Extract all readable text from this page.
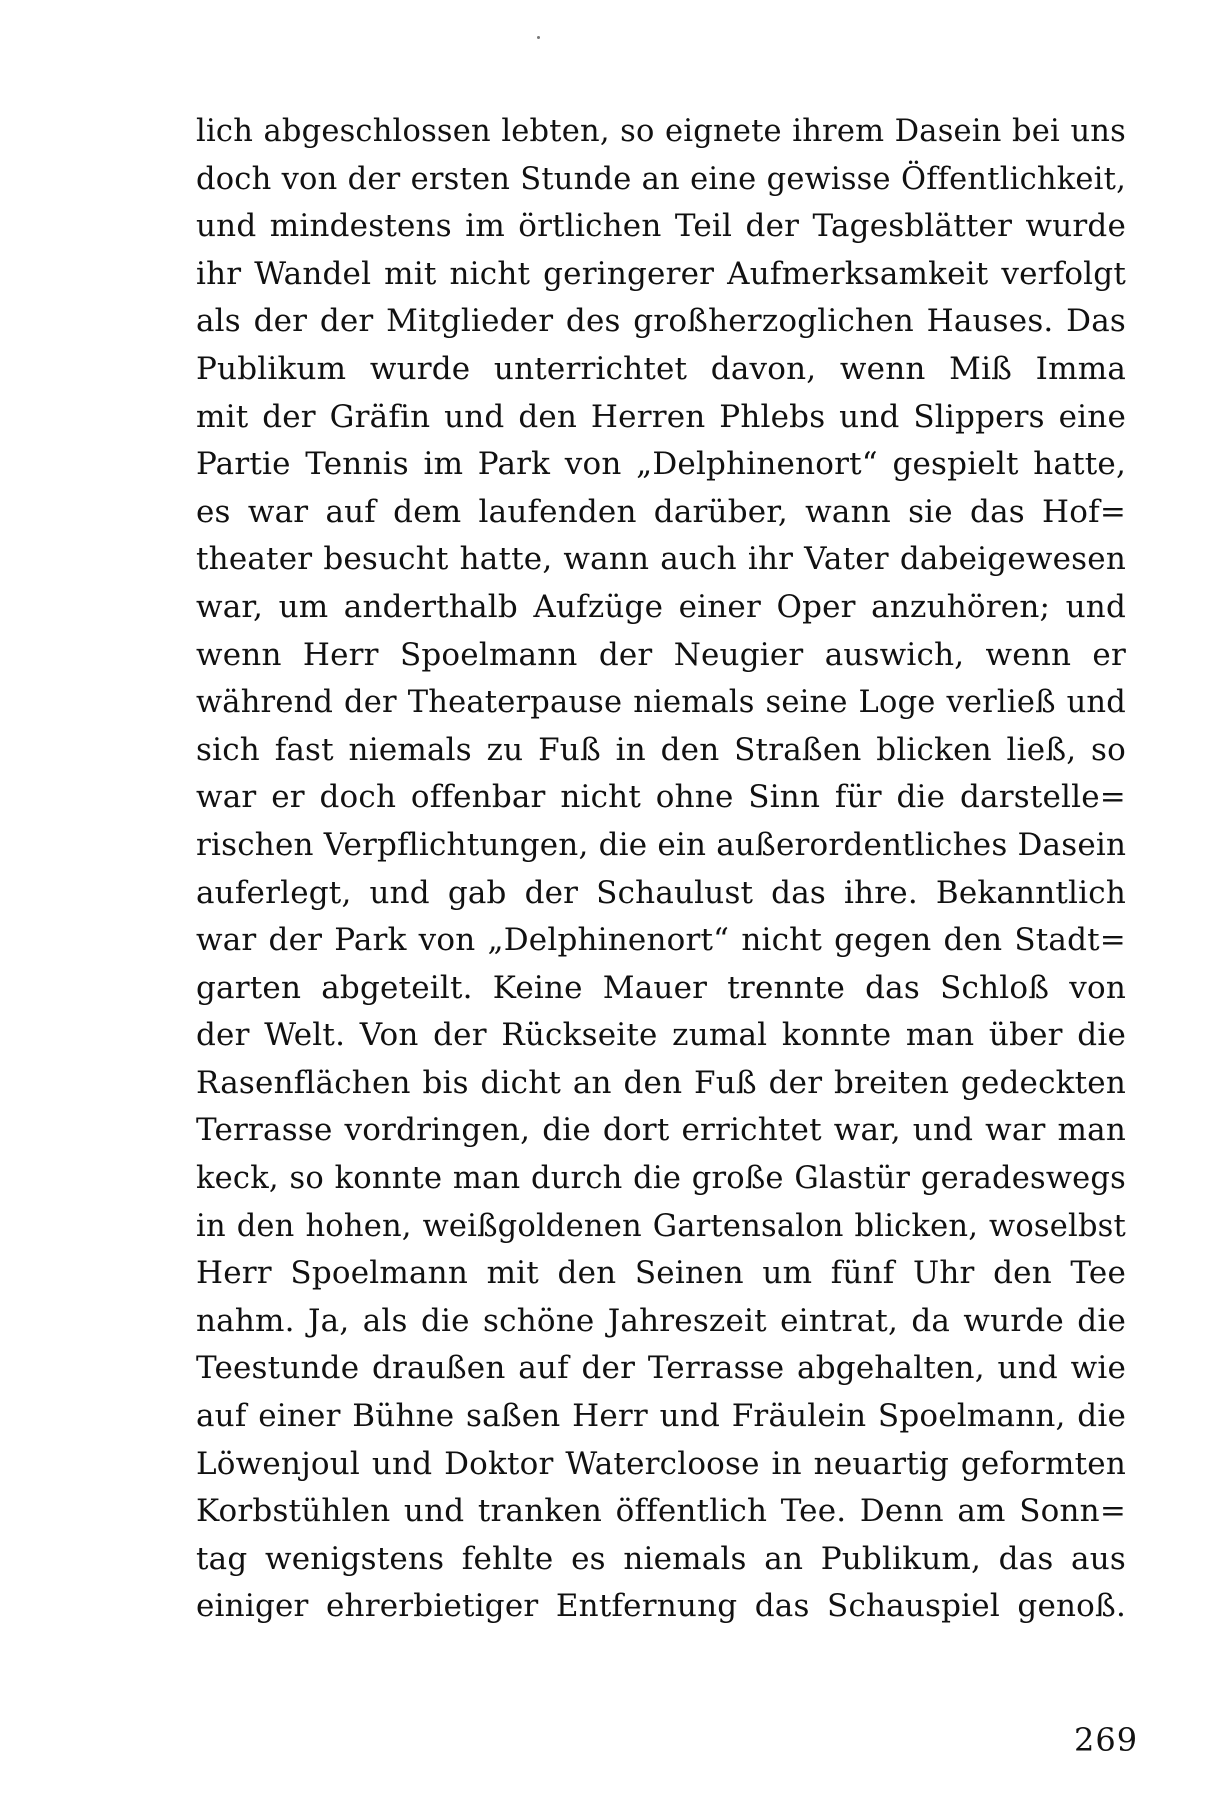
lich abgeschlossen lebten, so eignete ihrem Dasein bei uns
doch von der ersten Stunde an eine gewisse Öffentlichkeit,
und mindestens im örtlichen Teil der Tagesblätter wurde
ihr Wandel mit nicht geringerer Aufmerksamkeit verfolgt
als der der Mitglieder des großherzoglichen Hauses. Das
Publikum wurde unterrichtet davon, wenn Miß Imma
mit der Gräfin und den Herren Phlebs und Slippers eine
Partie Tennis im Park von „Delphinenort“ gespielt hatte,
es war auf dem laufenden darüber, wann sie das Hof=
theater besucht hatte, wann auch ihr Vater dabeigewesen
war, um anderthalb Aufzüge einer Oper anzuhören; und
wenn Herr Spoelmann der Neugier auswich, wenn er
während der Theaterpause niemals seine Loge verließ und
sich fast niemals zu Fuß in den Straßen blicken ließ, so
war er doch offenbar nicht ohne Sinn für die darstelle=
rischen Verpflichtungen, die ein außerordentliches Dasein
auferlegt, und gab der Schaulust das ihre. Bekanntlich
war der Park von „Delphinenort“ nicht gegen den Stadt=
garten abgeteilt. Keine Mauer trennte das Schloß von
der Welt. Von der Rückseite zumal konnte man über die
Rasenflächen bis dicht an den Fuß der breiten gedeckten
Terrasse vordringen, die dort errichtet war, und war man
keck, so konnte man durch die große Glastür geradeswegs
in den hohen, weißgoldenen Gartensalon blicken, woselbst
Herr Spoelmann mit den Seinen um fünf Uhr den Tee
nahm. Ja, als die schöne Jahreszeit eintrat, da wurde die
Teestunde draußen auf der Terrasse abgehalten, und wie
auf einer Bühne saßen Herr und Fräulein Spoelmann, die
Löwenjoul und Doktor Watercloose in neuartig geformten
Korbstühlen und tranken öffentlich Tee. Denn am Sonn=
tag wenigstens fehlte es niemals an Publikum, das aus
einiger ehrerbietiger Entfernung das Schauspiel genoß.
269
